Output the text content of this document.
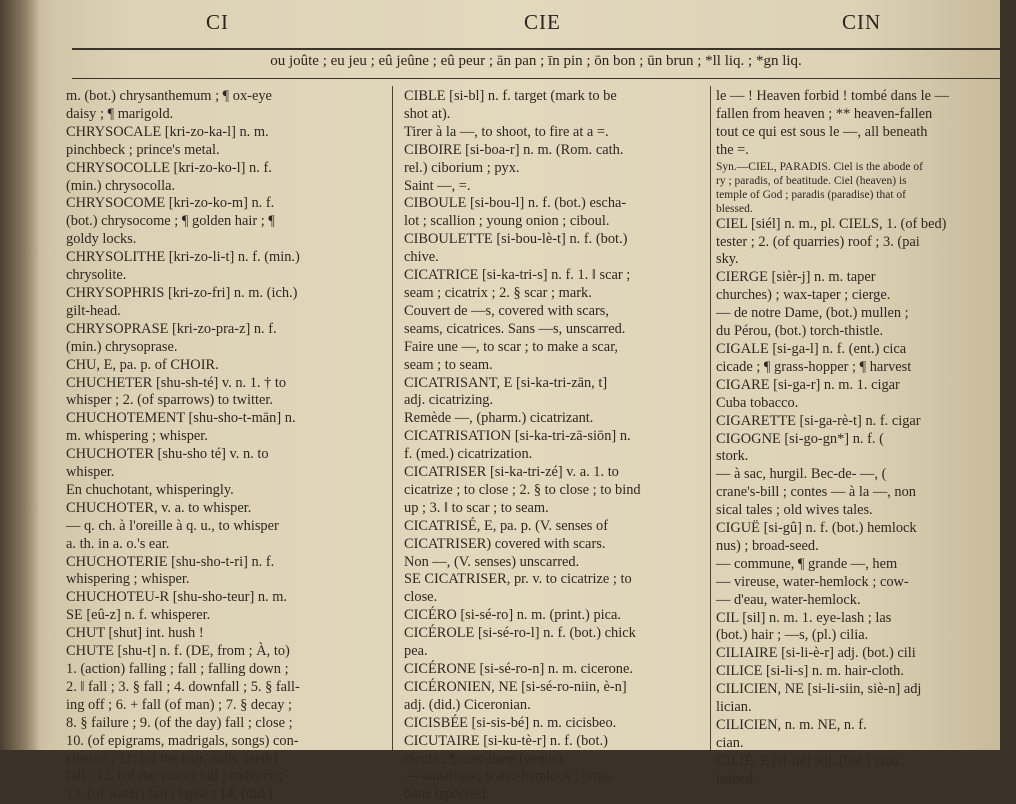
CI	CIE	CIN
ou joûte ; eu jeu ; eû jeûne ; eû peur ; ān pan ; īn pin ; ōn bon ; ūn brun ; *ll liq. ; *gn liq.
m. (bot.) chrysanthemum ; ¶ ox-eye
daisy ; ¶ marigold.
CHRYSOCALE [kri-zo-ka-l] n. m.
pinchbeck ; prince's metal.
CHRYSOCOLLE [kri-zo-ko-l] n. f.
(min.) chrysocolla.
CHRYSOCOME [kri-zo-ko-m] n. f.
(bot.) chrysocome ; ¶ golden hair ; ¶
goldy locks.
CHRYSOLITHE [kri-zo-li-t] n. f. (min.)
chrysolite.
CHRYSOPHRIS [kri-zo-fri] n. m. (ich.)
gilt-head.
CHRYSOPRASE [kri-zo-pra-z] n. f.
(min.) chrysoprase.
CHU, E, pa. p. of CHOIR.
CHUCHETER [shu-sh-té] v. n. 1. † to
whisper ; 2. (of sparrows) to twitter.
CHUCHOTEMENT [shu-sho-t-mān] n.
m. whispering ; whisper.
CHUCHOTER [shu-sho té] v. n. to
whisper.
En chuchotant, whisperingly.
CHUCHOTER, v. a. to whisper.
— q. ch. à l'oreille à q. u., to whisper
a. th. in a. o.'s ear.
CHUCHOTERIE [shu-sho-t-ri] n. f.
whispering ; whisper.
CHUCHOTEU-R [shu-sho-teur] n. m.
SE [eû-z] n. f. whisperer.
CHUT [shut] int. hush !
CHUTE [shu-t] n. f. (DE, from ; À, to)
1. (action) falling ; fall ; falling down ;
2. ‖ fall ; 3. § fall ; 4. downfall ; 5. § fall-
ing off ; 6. + fall (of man) ; 7. § decay ;
8. § failure ; 9. (of the day) fall ; close ;
10. (of epigrams, madrigals, songs) con-
clusion ; 11. (of the hair, nails, teeth)
fall ; 12. (of the voice) fall ; cadence ;
13. (of water) fall ; lapse ; 14. (did.)
CIBLE [si-bl] n. f. target (mark to be
shot at).
Tirer à la —, to shoot, to fire at a =.
CIBOIRE [si-boa-r] n. m. (Rom. cath.
rel.) ciborium ; pyx.
Saint —, =.
CIBOULE [si-bou-l] n. f. (bot.) escha-
lot ; scallion ; young onion ; ciboul.
CIBOULETTE [si-bou-lè-t] n. f. (bot.)
chive.
CICATRICE [si-ka-tri-s] n. f. 1. ‖ scar ;
seam ; cicatrix ; 2. § scar ; mark.
Couvert de —s, covered with scars,
seams, cicatrices. Sans —s, unscarred.
Faire une —, to scar ; to make a scar,
seam ; to seam.
CICATRISANT, E [si-ka-tri-zān, t]
adj. cicatrizing.
Remède —, (pharm.) cicatrizant.
CICATRISATION [si-ka-tri-zā-siōn] n.
f. (med.) cicatrization.
CICATRISER [si-ka-tri-zé] v. a. 1. to
cicatrize ; to close ; 2. § to close ; to bind
up ; 3. ‖ to scar ; to seam.
CICATRISÉ, E, pa. p. (V. senses of
CICATRISER) covered with scars.
Non —, (V. senses) unscarred.
SE CICATRISER, pr. v. to cicatrize ; to
close.
CICÉRO [si-sé-ro] n. m. (print.) pica.
CICÉROLE [si-sé-ro-l] n. f. (bot.) chick
pea.
CICÉRONE [si-sé-ro-n] n. m. cicerone.
CICÉRONIEN, NE [si-sé-ro-niin, è-n]
adj. (did.) Ciceronian.
CICISBÉE [si-sis-bé] n. m. cicisbeo.
CICUTAIRE [si-ku-tè-r] n. f. (bot.)
cicuta ; ¶ cow-bane (genus).
— aquatique, water-hemlock ; cow-
bane (species).
le — ! Heaven forbid ! tombé dans le —
fallen from heaven ; ** heaven-fallen
tout ce qui est sous le —, all beneath
the =.
Syn.—CIEL, PARADIS. Ciel is the abode of
ry ; paradis, of beatitude. Ciel (heaven) is
temple of God ; paradis (paradise) that of
blessed.
CIEL [siél] n. m., pl. CIELS, 1. (of bed)
tester ; 2. (of quarries) roof ; 3. (pai
sky.
CIERGE [sièr-j] n. m. taper
churches) ; wax-taper ; cierge.
— de notre Dame, (bot.) mullen ;
du Pérou, (bot.) torch-thistle.
CIGALE [si-ga-l] n. f. (ent.) cica
cicade ; ¶ grass-hopper ; ¶ harvest
CIGARE [si-ga-r] n. m. 1. cigar
Cuba tobacco.
CIGARETTE [si-ga-rè-t] n. f. cigar
CIGOGNE [si-go-gn*] n. f. (
stork.
— à sac, hurgil. Bec-de- —, (
crane's-bill ; contes — à la —, non
sical tales ; old wives tales.
CIGUË [si-gû] n. f. (bot.) hemlock
nus) ; broad-seed.
— commune, ¶ grande —, hem
— vireuse, water-hemlock ; cow-
— d'eau, water-hemlock.
CIL [sil] n. m. 1. eye-lash ; las
(bot.) hair ; —s, (pl.) cilia.
CILIAIRE [si-li-è-r] adj. (bot.) cili
CILICE [si-li-s] n. m. hair-cloth.
CILICIEN, NE [si-li-siin, siè-n] adj
lician.
CILICIEN, n. m. NE, n. f.
cian.
CILIÉ, E [si-lié] adj. (bot.) cilia
lashed.
